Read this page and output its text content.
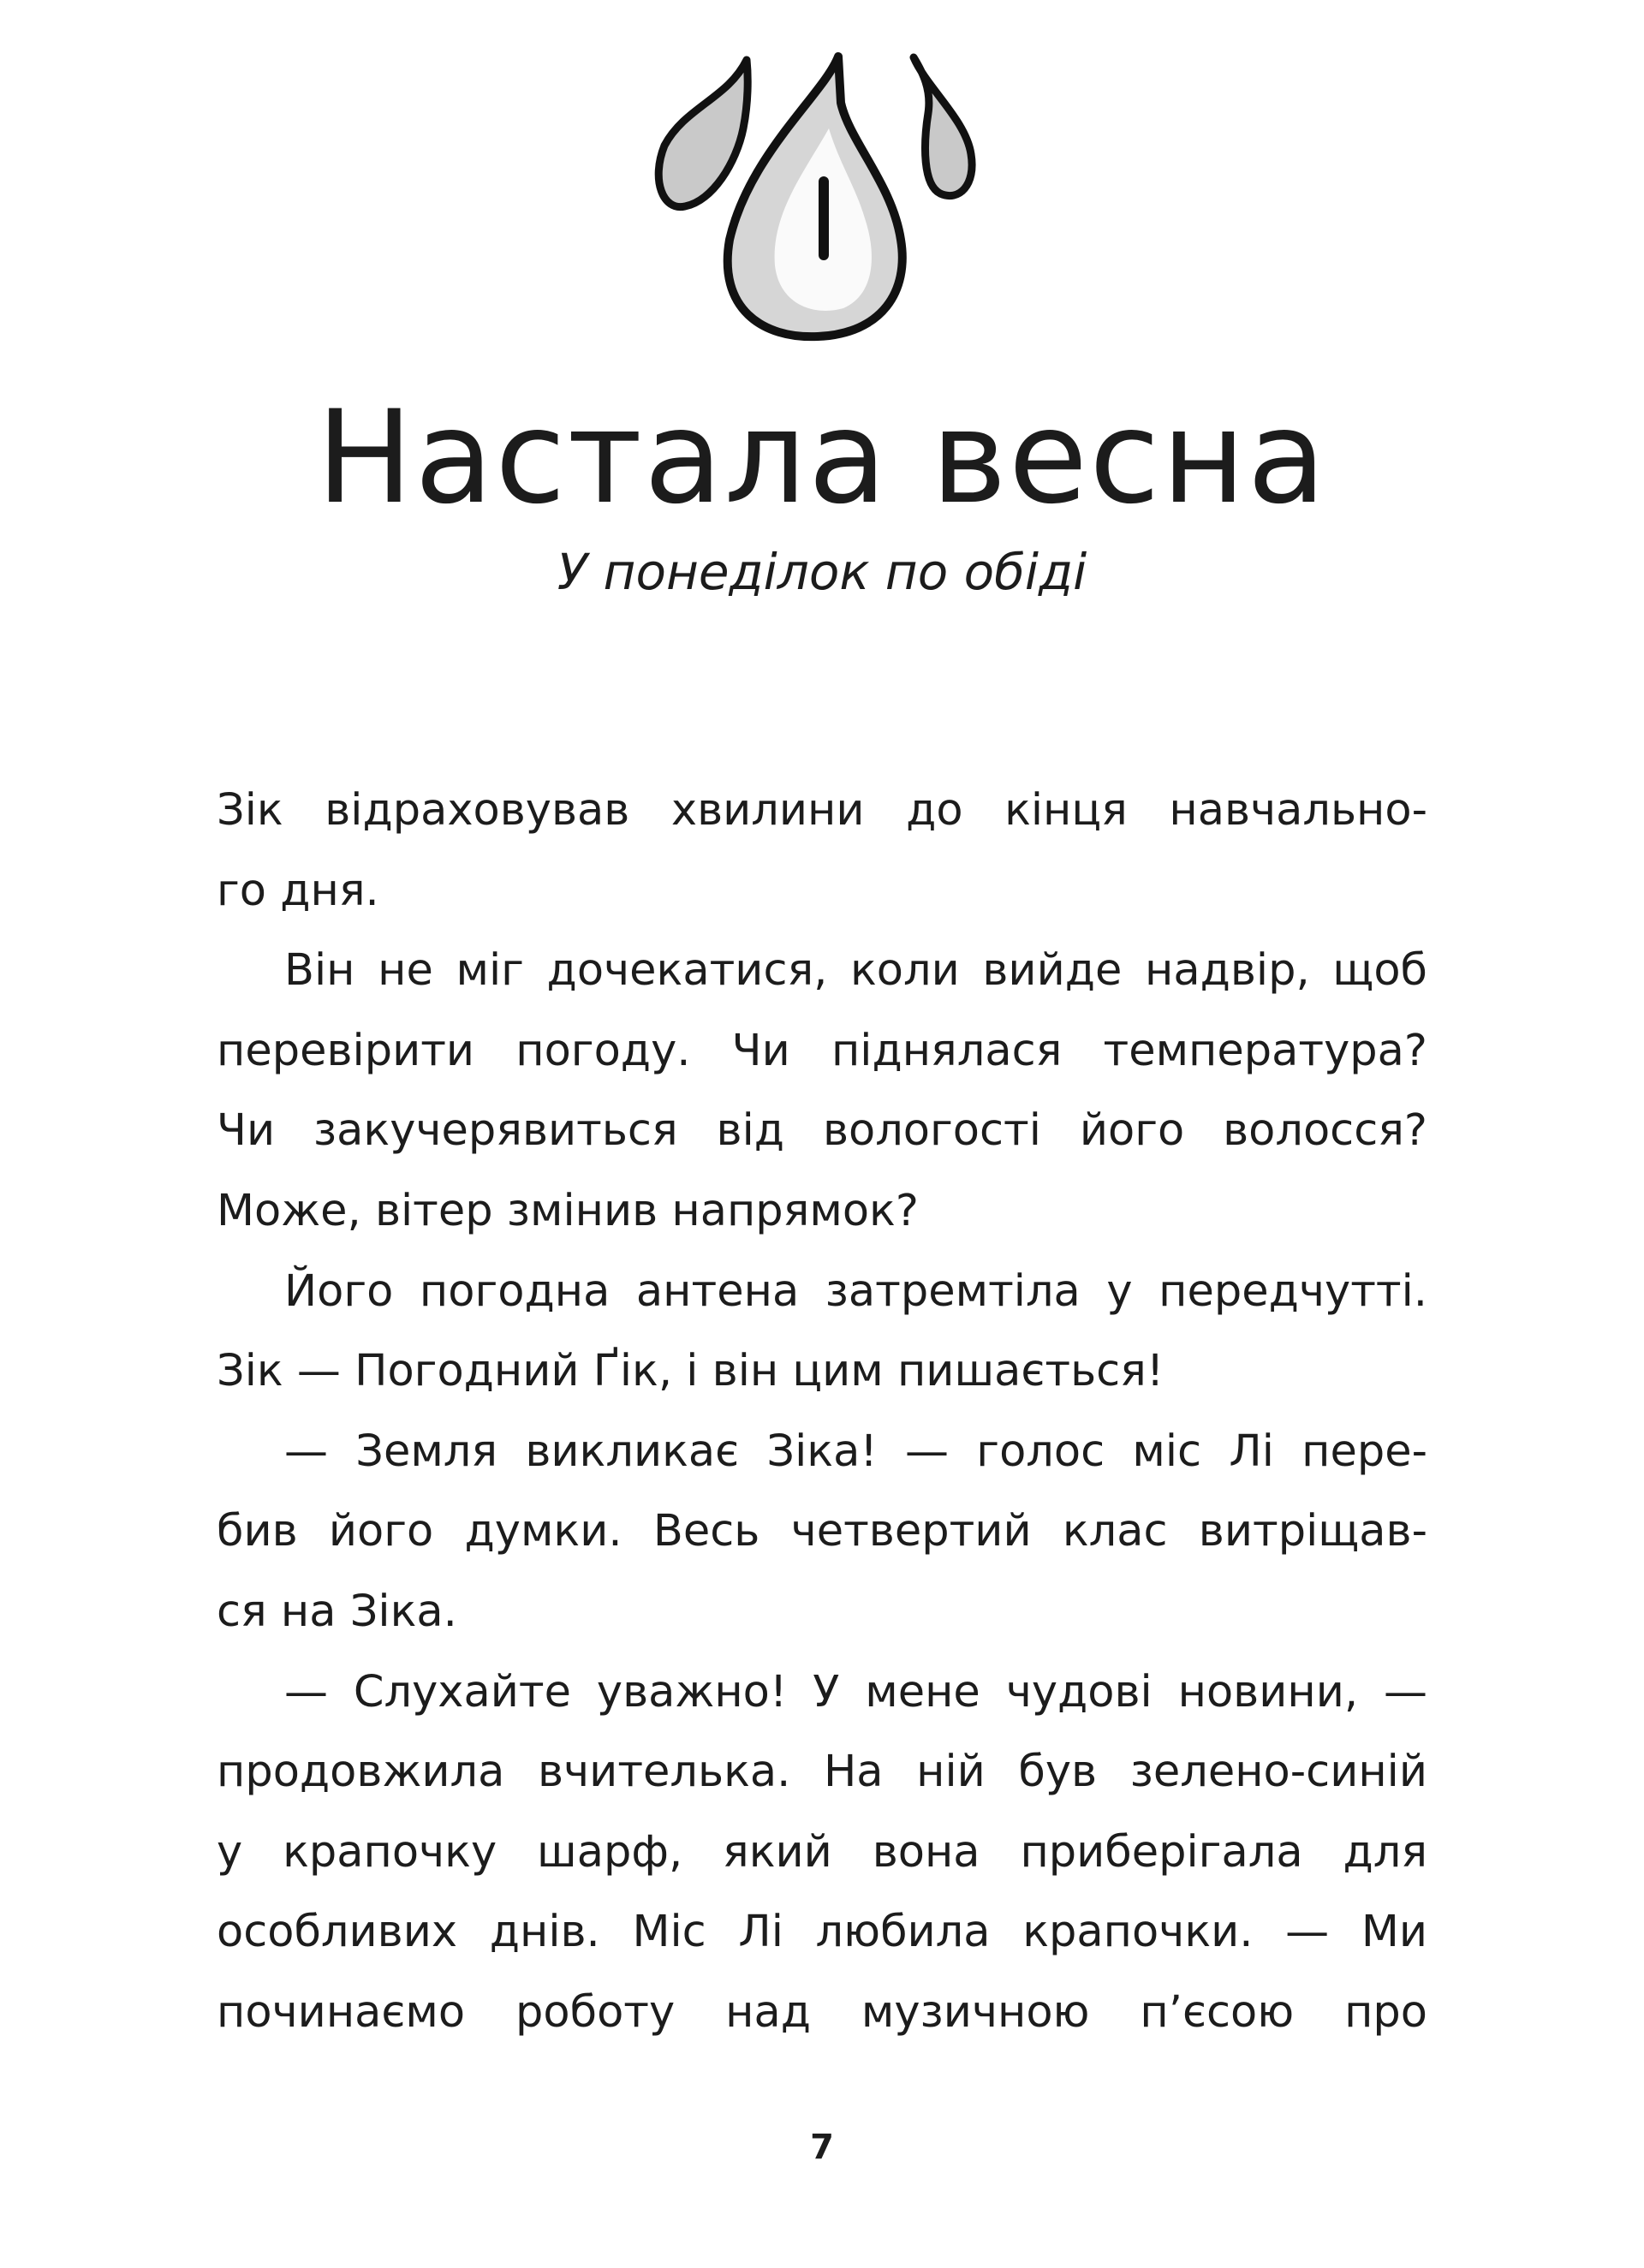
Настала весна
У понеділок по обіді
Зік відраховував хвилини до кінця навчально-
го дня.
Він не міг дочекатися, коли вийде надвір, щоб
перевірити погоду. Чи піднялася температура?
Чи закучерявиться від вологості його волосся?
Може, вітер змінив напрямок?
Його погодна антена затремтіла у передчутті.
Зік — Погодний Ґік, і він цим пишається!
— Земля викликає Зіка! — голос міс Лі пере-
бив його думки. Весь четвертий клас витріщав-
ся на Зіка.
— Слухайте уважно! У мене чудові новини, —
продовжила вчителька. На ній був зелено-синій
у крапочку шарф, який вона приберігала для
особливих днів. Міс Лі любила крапочки. — Ми
починаємо роботу над музичною п’єсою про
7
